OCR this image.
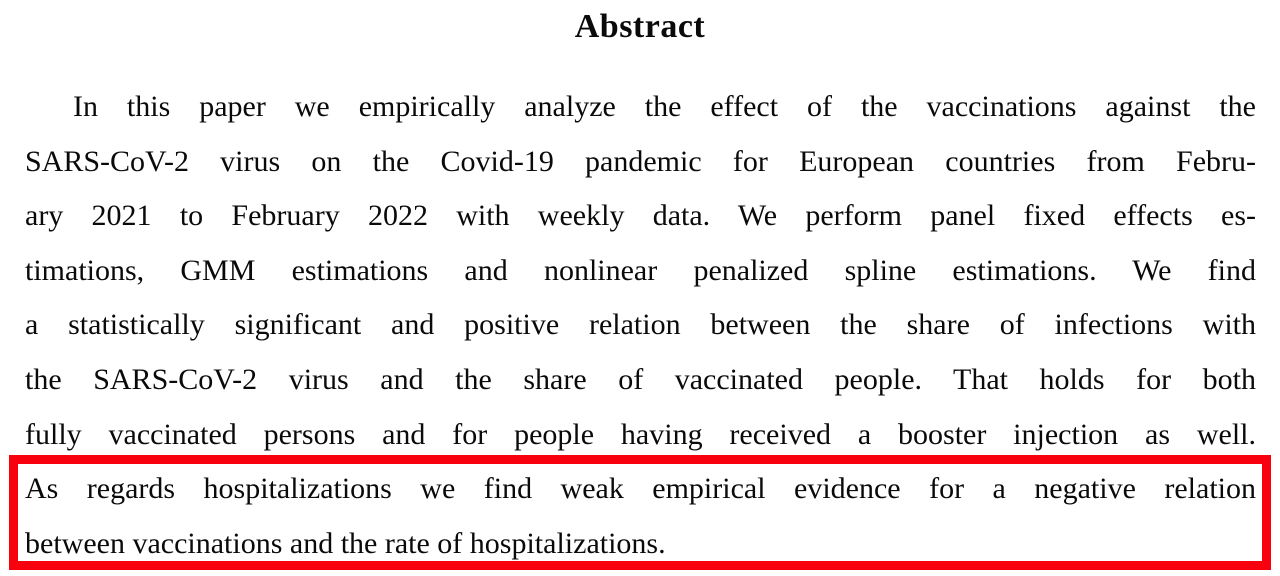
Abstract
In this paper we empirically analyze the effect of the vaccinations against the
SARS-CoV-2 virus on the Covid-19 pandemic for European countries from Febru-
ary 2021 to February 2022 with weekly data. We perform panel fixed effects es-
timations, GMM estimations and nonlinear penalized spline estimations. We find
a statistically significant and positive relation between the share of infections with
the SARS-CoV-2 virus and the share of vaccinated people. That holds for both
fully vaccinated persons and for people having received a booster injection as well.
As regards hospitalizations we find weak empirical evidence for a negative relation
between vaccinations and the rate of hospitalizations.
